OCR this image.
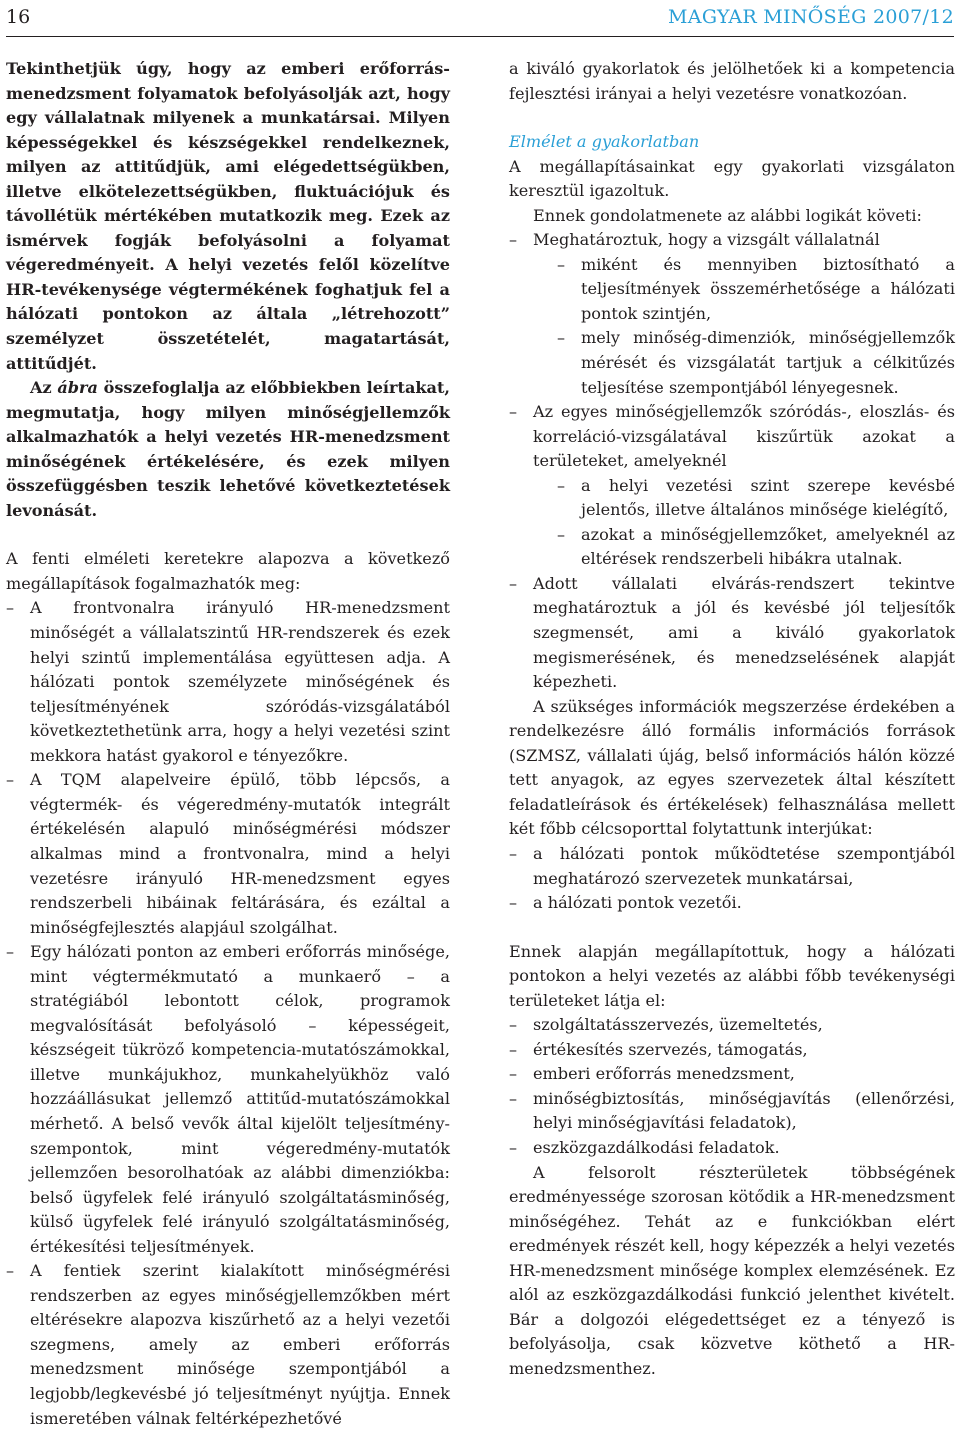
16	MAGYAR MINŐSÉG 2007/12

Tekinthetjük úgy, hogy az emberi erőforrás-menedzsment folyamatok befolyásolják azt, hogy egy vállalatnak milyenek a munkatársai. Milyen képességekkel és készségekkel rendelkeznek, milyen az attitűdjük, ami elégedettségükben, illetve elkötelezettségükben, fluktuációjuk és távollétük mértékében mutatkozik meg. Ezek az ismérvek fogják befolyásolni a folyamat végeredményeit. A helyi vezetés felől közelítve HR-tevékenysége végtermékének foghatjuk fel a hálózati pontokon az általa „létrehozott” személyzet összetételét, magatartását, attitűdjét.

Az ábra összefoglalja az előbbiekben leírtakat, megmutatja, hogy milyen minőségjellemzők alkalmazhatók a helyi vezetés HR-menedzsment minőségének értékelésére, és ezek milyen összefüggésben teszik lehetővé következtetések levonását.

A fenti elméleti keretekre alapozva a következő megállapítások fogalmazhatók meg:

– A frontvonalra irányuló HR-menedzsment minőségét a vállalatszintű HR-rendszerek és ezek helyi szintű implementálása együttesen adja. A hálózati pontok személyzete minőségének és teljesítményének szóródás-vizsgálatából következtethetünk arra, hogy a helyi vezetési szint mekkora hatást gyakorol e tényezőkre.
– A TQM alapelveire épülő, több lépcsős, a végtermék- és végeredmény-mutatók integrált értékelésén alapuló minőségmérési módszer alkalmas mind a frontvonalra, mind a helyi vezetésre irányuló HR-menedzsment egyes rendszerbeli hibáinak feltárására, és ezáltal a minőségfejlesztés alapjául szolgálhat.
– Egy hálózati ponton az emberi erőforrás minősége, mint végtermékmutató a munkaerő – a stratégiából lebontott célok, programok megvalósítását befolyásoló – képességeit, készségeit tükröző kompetencia-mutatószámokkal, illetve munkájukhoz, munkahelyükhöz való hozzáállásukat jellemző attitűd-mutatószámokkal mérhető. A belső vevők által kijelölt teljesítmény-szempontok, mint végeredmény-mutatók jellemzően besorolhatóak az alábbi dimenziókba: belső ügyfelek felé irányuló szolgáltatásminőség, külső ügyfelek felé irányuló szolgáltatásminőség, értékesítési teljesítmények.
– A fentiek szerint kialakított minőségmérési rendszerben az egyes minőségjellemzőkben mért eltérésekre alapozva kiszűrhető az a helyi vezetői szegmens, amely az emberi erőforrás menedzsment minősége szempontjából a legjobb/legkevésbé jó teljesítményt nyújtja. Ennek ismeretében válnak feltérképezhetővé

a kiváló gyakorlatok és jelölhetőek ki a kompetencia fejlesztési irányai a helyi vezetésre vonatkozóan.

Elmélet a gyakorlatban

A megállapításainkat egy gyakorlati vizsgálaton keresztül igazoltuk.

Ennek gondolatmenete az alábbi logikát követi:

– Meghatároztuk, hogy a vizsgált vállalatnál
– miként és mennyiben biztosítható a teljesítmények összemérhetősége a hálózati pontok szintjén,
– mely minőség-dimenziók, minőségjellemzők mérését és vizsgálatát tartjuk a célkitűzés teljesítése szempontjából lényegesnek.
– Az egyes minőségjellemzők szóródás-, eloszlás- és korreláció-vizsgálatával kiszűrtük azokat a területeket, amelyeknél
– a helyi vezetési szint szerepe kevésbé jelentős, illetve általános minősége kielégítő,
– azokat a minőségjellemzőket, amelyeknél az eltérések rendszerbeli hibákra utalnak.
– Adott vállalati elvárás-rendszert tekintve meghatároztuk a jól és kevésbé jól teljesítők szegmensét, ami a kiváló gyakorlatok megismerésének, és menedzselésének alapját képezheti.

A szükséges információk megszerzése érdekében a rendelkezésre álló formális információs források (SZMSZ, vállalati újág, belső információs hálón közzé tett anyagok, az egyes szervezetek által készített feladatleírások és értékelések) felhasználása mellett két főbb célcsoporttal folytattunk interjúkat:

– a hálózati pontok működtetése szempontjából meghatározó szervezetek munkatársai,
– a hálózati pontok vezetői.

Ennek alapján megállapítottuk, hogy a hálózati pontokon a helyi vezetés az alábbi főbb tevékenységi területeket látja el:

– szolgáltatásszervezés, üzemeltetés,
– értékesítés szervezés, támogatás,
– emberi erőforrás menedzsment,
– minőségbiztosítás, minőségjavítás (ellenőrzési, helyi minőségjavítási feladatok),
– eszközgazdálkodási feladatok.

A felsorolt részterületek többségének eredményessége szorosan kötődik a HR-menedzsment minőségéhez. Tehát az e funkciókban elért eredmények részét kell, hogy képezzék a helyi vezetés HR-menedzsment minősége komplex elemzésének. Ez alól az eszközgazdálkodási funkció jelenthet kivételt. Bár a dolgozói elégedettséget ez a tényező is befolyásolja, csak közvetve köthető a HR-menedzsmenthez.
